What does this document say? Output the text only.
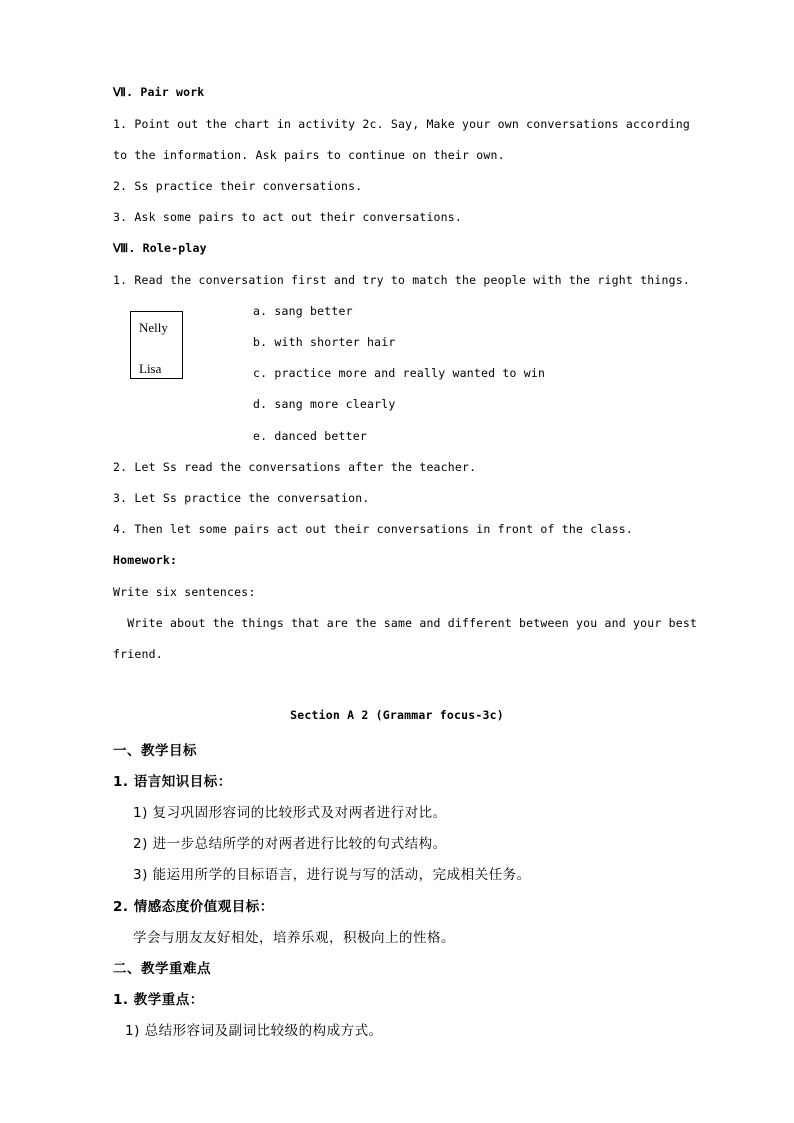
Ⅶ. Pair work
1. Point out the chart in activity 2c. Say, Make your own conversations according
to the information. Ask pairs to continue on their own.
2. Ss practice their conversations.
3. Ask some pairs to act out their conversations.
Ⅷ. Role-play
1. Read the conversation first and try to match the people with the right things.
Nelly
Lisa
a. sang better
b. with shorter hair
c. practice more and really wanted to win
d. sang more clearly
e. danced better
2. Let Ss read the conversations after the teacher.
3. Let Ss practice the conversation.
4. Then let some pairs act out their conversations in front of the class.
Homework:
Write six sentences:
Write about the things that are the same and different between you and your best
friend.
Section A 2 (Grammar focus-3c)
一、教学目标
1. 语言知识目标：
1) 复习巩固形容词的比较形式及对两者进行对比。
2) 进一步总结所学的对两者进行比较的句式结构。
3) 能运用所学的目标语言，进行说与写的活动，完成相关任务。
2. 情感态度价值观目标：
学会与朋友友好相处，培养乐观，积极向上的性格。
二、教学重难点
1. 教学重点：
1) 总结形容词及副词比较级的构成方式。
